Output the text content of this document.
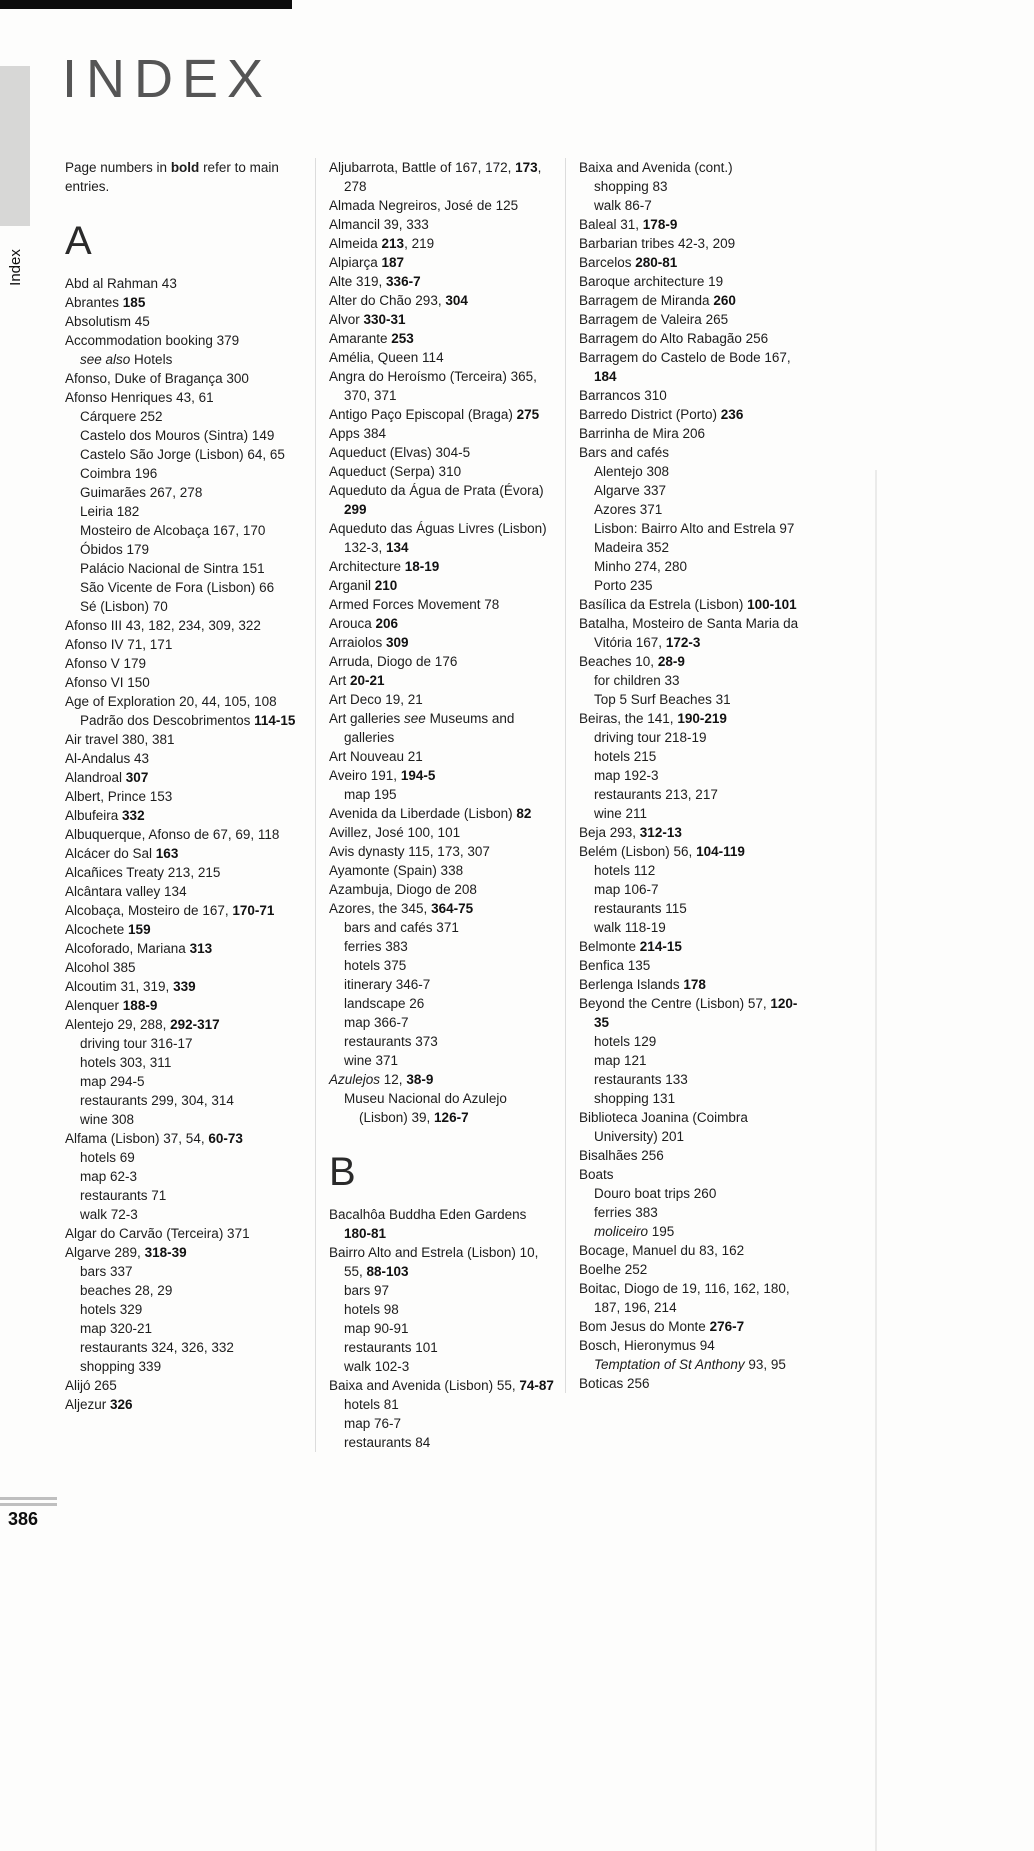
Index
INDEX
Page numbers in bold refer to main entries.
A
Abd al Rahman 43
Abrantes 185
Absolutism 45
Accommodation booking 379
see also Hotels
Afonso, Duke of Bragança 300
Afonso Henriques 43, 61
Cárquere 252
Castelo dos Mouros (Sintra) 149
Castelo São Jorge (Lisbon) 64, 65
Coimbra 196
Guimarães 267, 278
Leiria 182
Mosteiro de Alcobaça 167, 170
Óbidos 179
Palácio Nacional de Sintra 151
São Vicente de Fora (Lisbon) 66
Sé (Lisbon) 70
Afonso III 43, 182, 234, 309, 322
Afonso IV 71, 171
Afonso V 179
Afonso VI 150
Age of Exploration 20, 44, 105, 108
Padrão dos Descobrimentos 114-15
Air travel 380, 381
Al-Andalus 43
Alandroal 307
Albert, Prince 153
Albufeira 332
Albuquerque, Afonso de 67, 69, 118
Alcácer do Sal 163
Alcañices Treaty 213, 215
Alcântara valley 134
Alcobaça, Mosteiro de 167, 170-71
Alcochete 159
Alcoforado, Mariana 313
Alcohol 385
Alcoutim 31, 319, 339
Alenquer 188-9
Alentejo 29, 288, 292-317
driving tour 316-17
hotels 303, 311
map 294-5
restaurants 299, 304, 314
wine 308
Alfama (Lisbon) 37, 54, 60-73
hotels 69
map 62-3
restaurants 71
walk 72-3
Algar do Carvão (Terceira) 371
Algarve 289, 318-39
bars 337
beaches 28, 29
hotels 329
map 320-21
restaurants 324, 326, 332
shopping 339
Alijó 265
Aljezur 326
Aljubarrota, Battle of 167, 172, 173, 278
Almada Negreiros, José de 125
Almancil 39, 333
Almeida 213, 219
Alpiarça 187
Alte 319, 336-7
Alter do Chão 293, 304
Alvor 330-31
Amarante 253
Amélia, Queen 114
Angra do Heroísmo (Terceira) 365, 370, 371
Antigo Paço Episcopal (Braga) 275
Apps 384
Aqueduct (Elvas) 304-5
Aqueduct (Serpa) 310
Aqueduto da Água de Prata (Évora) 299
Aqueduto das Águas Livres (Lisbon) 132-3, 134
Architecture 18-19
Arganil 210
Armed Forces Movement 78
Arouca 206
Arraiolos 309
Arruda, Diogo de 176
Art 20-21
Art Deco 19, 21
Art galleries see Museums and galleries
Art Nouveau 21
Aveiro 191, 194-5
map 195
Avenida da Liberdade (Lisbon) 82
Avillez, José 100, 101
Avis dynasty 115, 173, 307
Ayamonte (Spain) 338
Azambuja, Diogo de 208
Azores, the 345, 364-75
bars and cafés 371
ferries 383
hotels 375
itinerary 346-7
landscape 26
map 366-7
restaurants 373
wine 371
Azulejos 12, 38-9
Museu Nacional do Azulejo (Lisbon) 39, 126-7
B
Bacalhôa Buddha Eden Gardens 180-81
Bairro Alto and Estrela (Lisbon) 10, 55, 88-103
bars 97
hotels 98
map 90-91
restaurants 101
walk 102-3
Baixa and Avenida (Lisbon) 55, 74-87
hotels 81
map 76-7
restaurants 84
Baixa and Avenida (cont.)
shopping 83
walk 86-7
Baleal 31, 178-9
Barbarian tribes 42-3, 209
Barcelos 280-81
Baroque architecture 19
Barragem de Miranda 260
Barragem de Valeira 265
Barragem do Alto Rabagão 256
Barragem do Castelo de Bode 167, 184
Barrancos 310
Barredo District (Porto) 236
Barrinha de Mira 206
Bars and cafés
Alentejo 308
Algarve 337
Azores 371
Lisbon: Bairro Alto and Estrela 97
Madeira 352
Minho 274, 280
Porto 235
Basílica da Estrela (Lisbon) 100-101
Batalha, Mosteiro de Santa Maria da Vitória 167, 172-3
Beaches 10, 28-9
for children 33
Top 5 Surf Beaches 31
Beiras, the 141, 190-219
driving tour 218-19
hotels 215
map 192-3
restaurants 213, 217
wine 211
Beja 293, 312-13
Belém (Lisbon) 56, 104-119
hotels 112
map 106-7
restaurants 115
walk 118-19
Belmonte 214-15
Benfica 135
Berlenga Islands 178
Beyond the Centre (Lisbon) 57, 120-35
hotels 129
map 121
restaurants 133
shopping 131
Biblioteca Joanina (Coimbra University) 201
Bisalhães 256
Boats
Douro boat trips 260
ferries 383
moliceiro 195
Bocage, Manuel du 83, 162
Boelhe 252
Boitac, Diogo de 19, 116, 162, 180, 187, 196, 214
Bom Jesus do Monte 276-7
Bosch, Hieronymus 94
Temptation of St Anthony 93, 95
Boticas 256
386
